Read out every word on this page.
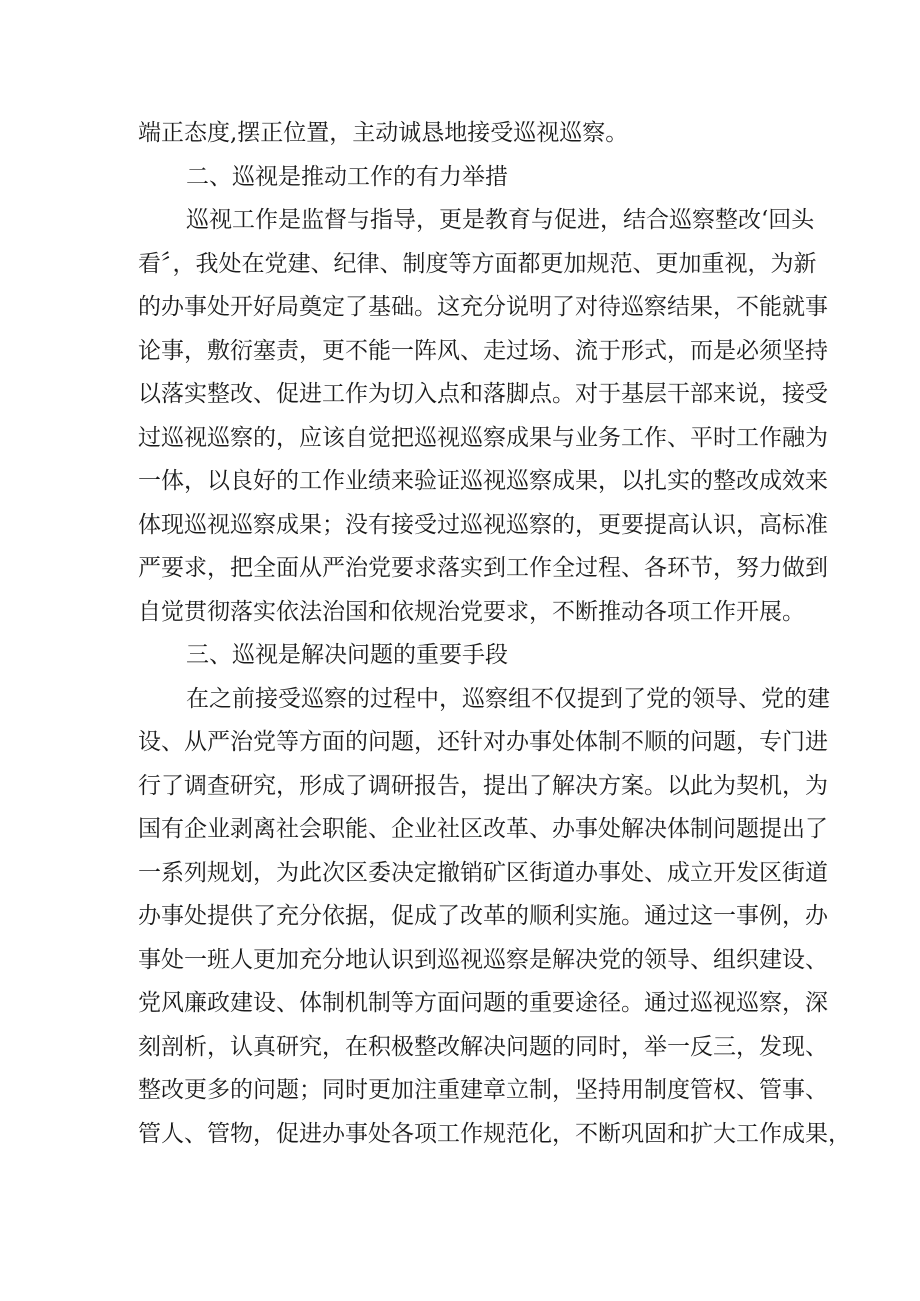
端正态度,摆正位置，主动诚恳地接受巡视巡察。
二、巡视是推动工作的有力举措
巡视工作是监督与指导，更是教育与促进，结合巡察整改‘回头
看〞，我处在党建、纪律、制度等方面都更加规范、更加重视，为新
的办事处开好局奠定了基础。这充分说明了对待巡察结果，不能就事
论事，敷衍塞责，更不能一阵风、走过场、流于形式，而是必须坚持
以落实整改、促进工作为切入点和落脚点。对于基层干部来说，接受
过巡视巡察的，应该自觉把巡视巡察成果与业务工作、平时工作融为
一体，以良好的工作业绩来验证巡视巡察成果，以扎实的整改成效来
体现巡视巡察成果；没有接受过巡视巡察的，更要提高认识，高标准
严要求，把全面从严治党要求落实到工作全过程、各环节，努力做到
自觉贯彻落实依法治国和依规治党要求，不断推动各项工作开展。
三、巡视是解决问题的重要手段
在之前接受巡察的过程中，巡察组不仅提到了党的领导、党的建
设、从严治党等方面的问题，还针对办事处体制不顺的问题，专门进
行了调查研究，形成了调研报告，提出了解决方案。以此为契机，为
国有企业剥离社会职能、企业社区改革、办事处解决体制问题提出了
一系列规划，为此次区委决定撤销矿区街道办事处、成立开发区街道
办事处提供了充分依据，促成了改革的顺利实施。通过这一事例，办
事处一班人更加充分地认识到巡视巡察是解决党的领导、组织建设、
党风廉政建设、体制机制等方面问题的重要途径。通过巡视巡察，深
刻剖析，认真研究，在积极整改解决问题的同时，举一反三，发现、
整改更多的问题；同时更加注重建章立制，坚持用制度管权、管事、
管人、管物，促进办事处各项工作规范化，不断巩固和扩大工作成果，
